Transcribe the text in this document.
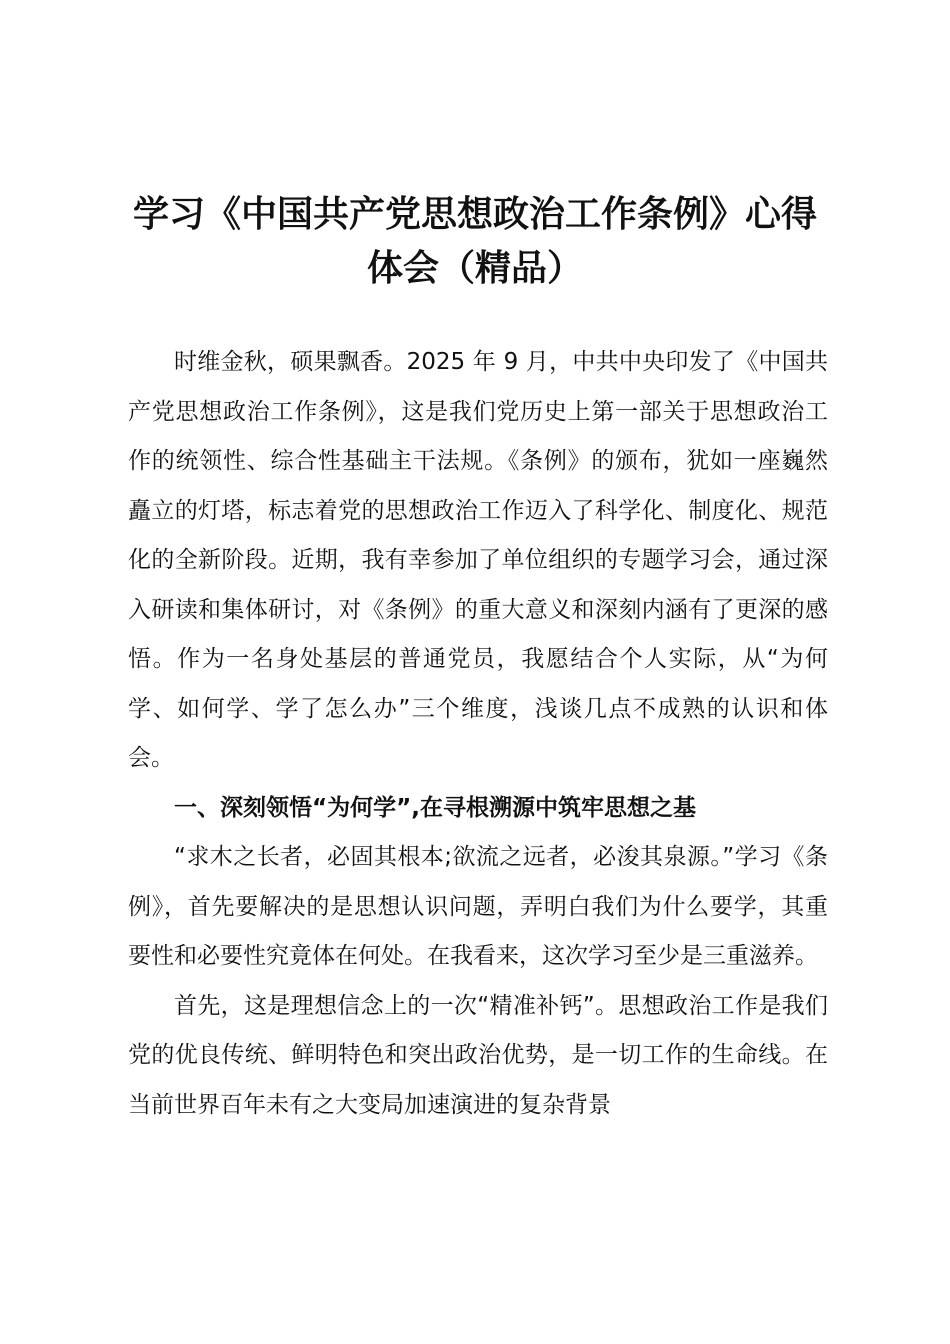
学习《中国共产党思想政治工作条例》心得
体会（精品）

时维金秋，硕果飘香。2025 年 9 月，中共中央印发了《中国共产党思想政治工作条例》，这是我们党历史上第一部关于思想政治工作的统领性、综合性基础主干法规。《条例》的颁布，犹如一座巍然矗立的灯塔，标志着党的思想政治工作迈入了科学化、制度化、规范化的全新阶段。近期，我有幸参加了单位组织的专题学习会，通过深入研读和集体研讨，对《条例》的重大意义和深刻内涵有了更深的感悟。作为一名身处基层的普通党员，我愿结合个人实际，从“为何学、如何学、学了怎么办”三个维度，浅谈几点不成熟的认识和体会。

一、深刻领悟“为何学”,在寻根溯源中筑牢思想之基

“求木之长者，必固其根本;欲流之远者，必浚其泉源。”学习《条例》，首先要解决的是思想认识问题，弄明白我们为什么要学，其重要性和必要性究竟体在何处。在我看来，这次学习至少是三重滋养。

首先，这是理想信念上的一次“精准补钙”。思想政治工作是我们党的优良传统、鲜明特色和突出政治优势，是一切工作的生命线。在当前世界百年未有之大变局加速演进的复杂背景
